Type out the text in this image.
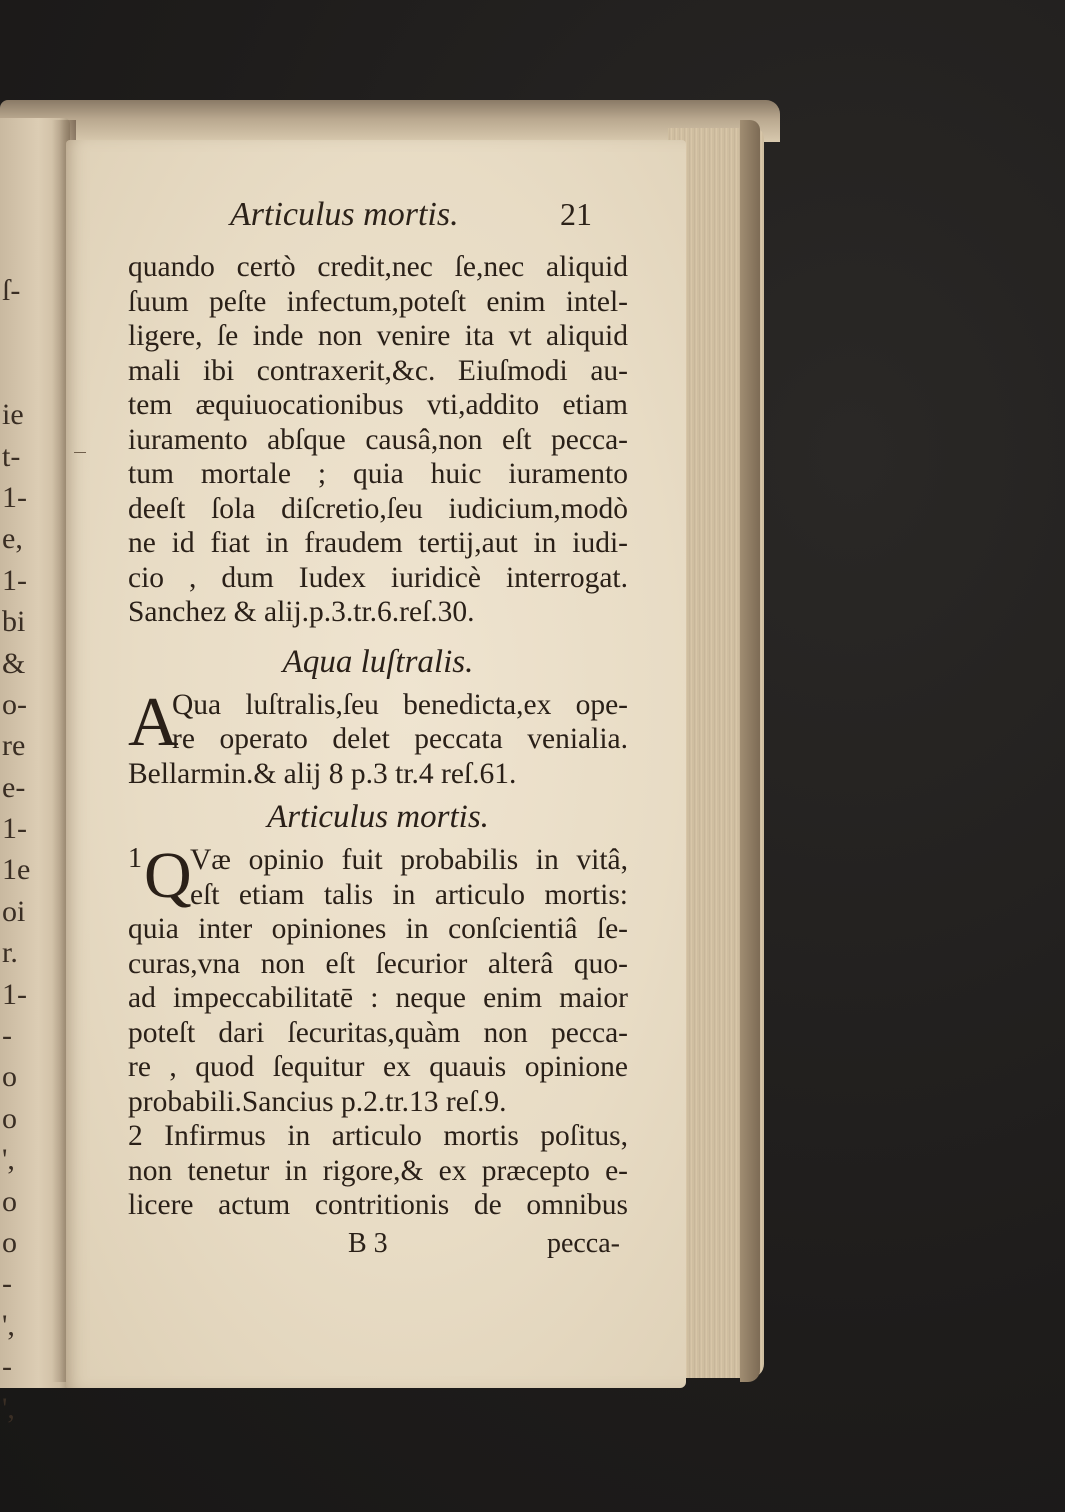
ſ-
ie
t-
1-
e,
1-
bi
&
o-
re
e-
1-
1e
oi
r.
1-
-
o
o
',
o
o
-
',
-
',
Articulus mortis.	21
quando certò credit,nec ſe,nec aliquid
ſuum peſte infectum,poteſt enim intel-
ligere, ſe inde non venire ita vt aliquid
mali ibi contraxerit,&c. Eiuſmodi au-
tem æquiuocationibus vti,addito etiam
iuramento abſque causâ,non eſt pecca-
tum mortale ; quia huic iuramento
deeſt ſola diſcretio,ſeu iudicium,modò
ne id fiat in fraudem tertij,aut in iudi-
cio , dum Iudex iuridicè interrogat.
Sanchez & alij.p.3.tr.6.reſ.30.
Aqua luſtralis.
A
Qua luſtralis,ſeu benedicta,ex ope-
re operato delet peccata venialia.
Bellarmin.& alij 8 p.3 tr.4 reſ.61.
Articulus mortis.
1 Q
Væ opinio fuit probabilis in vitâ,
eſt etiam talis in articulo mortis:
quia inter opiniones in conſcientiâ ſe-
curas,vna non eſt ſecurior alterâ quo-
ad impeccabilitatē : neque enim maior
poteſt dari ſecuritas,quàm non pecca-
re , quod ſequitur ex quauis opinione
probabili.Sancius p.2.tr.13 reſ.9.
2 Infirmus in articulo mortis poſitus,
non tenetur in rigore,& ex præcepto e-
licere actum contritionis de omnibus
B 3	pecca-
